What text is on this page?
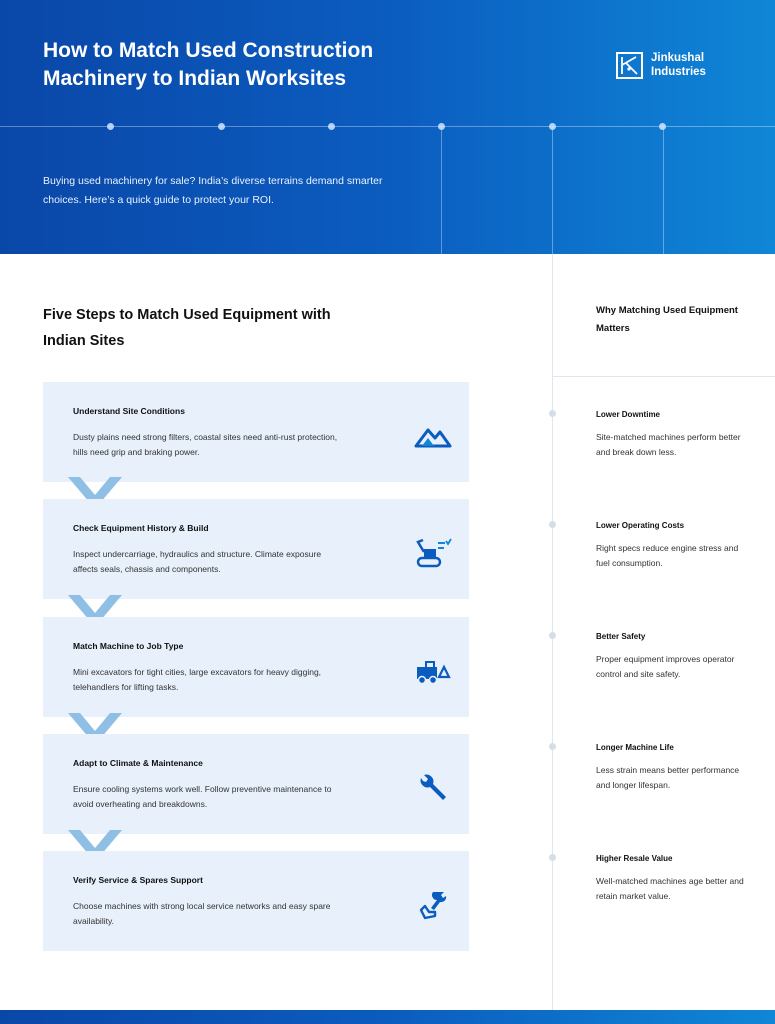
How to Match Used Construction Machinery to Indian Worksites
Jinkushal Industries

Buying used machinery for sale? India’s diverse terrains demand smarter choices. Here’s a quick guide to protect your ROI.

Five Steps to Match Used Equipment with Indian Sites
Understand Site Conditions
Dusty plains need strong filters, coastal sites need anti-rust protection, hills need grip and braking power.
Check Equipment History & Build
Inspect undercarriage, hydraulics and structure. Climate exposure affects seals, chassis and components.
Match Machine to Job Type
Mini excavators for tight cities, large excavators for heavy digging, telehandlers for lifting tasks.
Adapt to Climate & Maintenance
Ensure cooling systems work well. Follow preventive maintenance to avoid overheating and breakdowns.
Verify Service & Spares Support
Choose machines with strong local service networks and easy spare availability.
Why Matching Used Equipment Matters
Lower Downtime
Site-matched machines perform better and break down less.
Lower Operating Costs
Right specs reduce engine stress and fuel consumption.
Better Safety
Proper equipment improves operator control and site safety.
Longer Machine Life
Less strain means better performance and longer lifespan.
Higher Resale Value
Well-matched machines age better and retain market value.
